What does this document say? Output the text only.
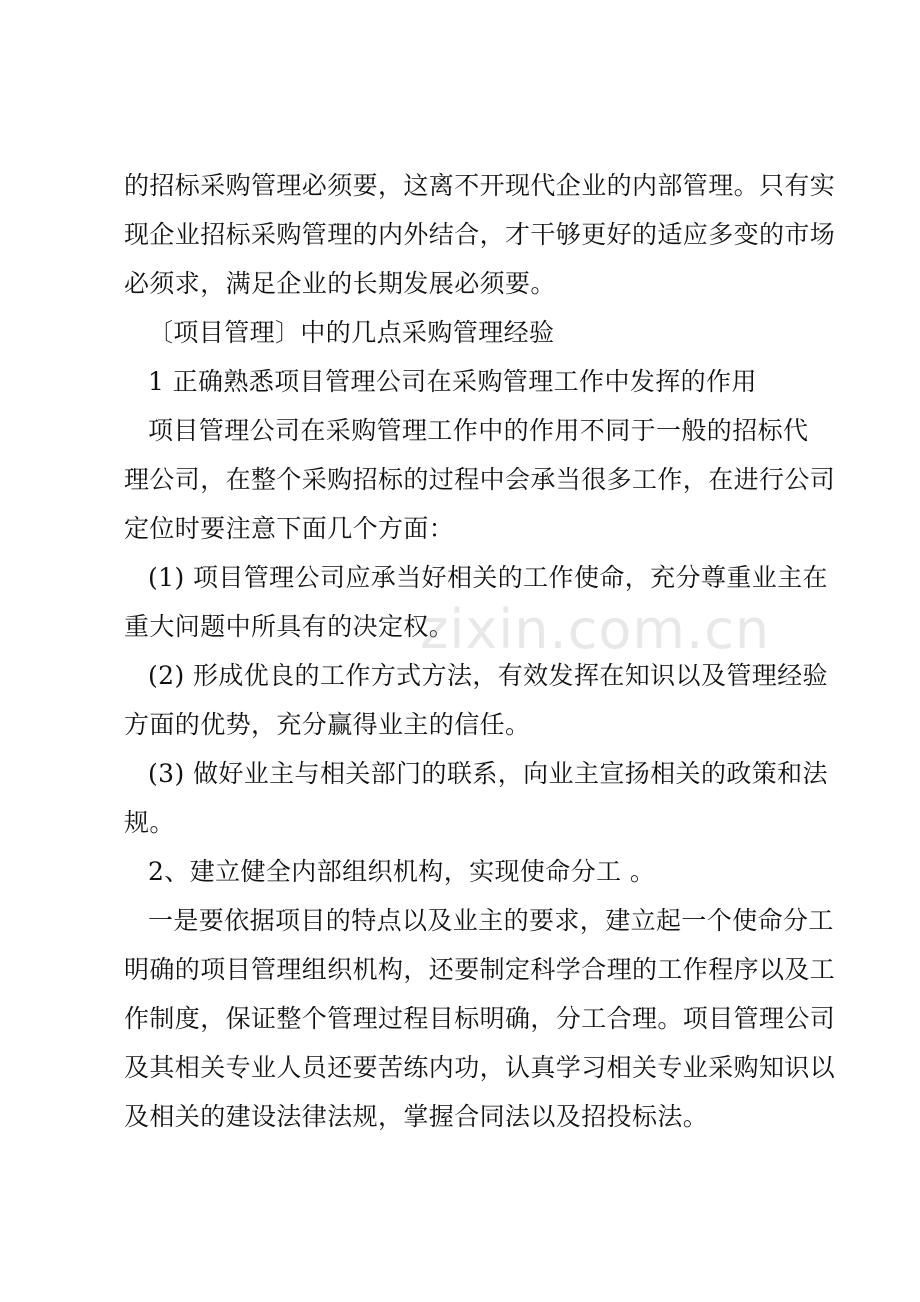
的招标采购管理必须要，这离不开现代企业的内部管理。只有实
现企业招标采购管理的内外结合，才干够更好的适应多变的市场
必须求，满足企业的长期发展必须要。
〔项目管理〕中的几点采购管理经验
1 正确熟悉项目管理公司在采购管理工作中发挥的作用
项目管理公司在采购管理工作中的作用不同于一般的招标代
理公司，在整个采购招标的过程中会承当很多工作，在进行公司
定位时要注意下面几个方面：
(1) 项目管理公司应承当好相关的工作使命，充分尊重业主在
重大问题中所具有的决定权。
(2) 形成优良的工作方式方法，有效发挥在知识以及管理经验
方面的优势，充分赢得业主的信任。
(3) 做好业主与相关部门的联系，向业主宣扬相关的政策和法
规。
2、建立健全内部组织机构，实现使命分工 。
一是要依据项目的特点以及业主的要求，建立起一个使命分工
明确的项目管理组织机构，还要制定科学合理的工作程序以及工
作制度，保证整个管理过程目标明确，分工合理。项目管理公司
及其相关专业人员还要苦练内功，认真学习相关专业采购知识以
及相关的建设法律法规，掌握合同法以及招投标法。
zixin.com.cn
